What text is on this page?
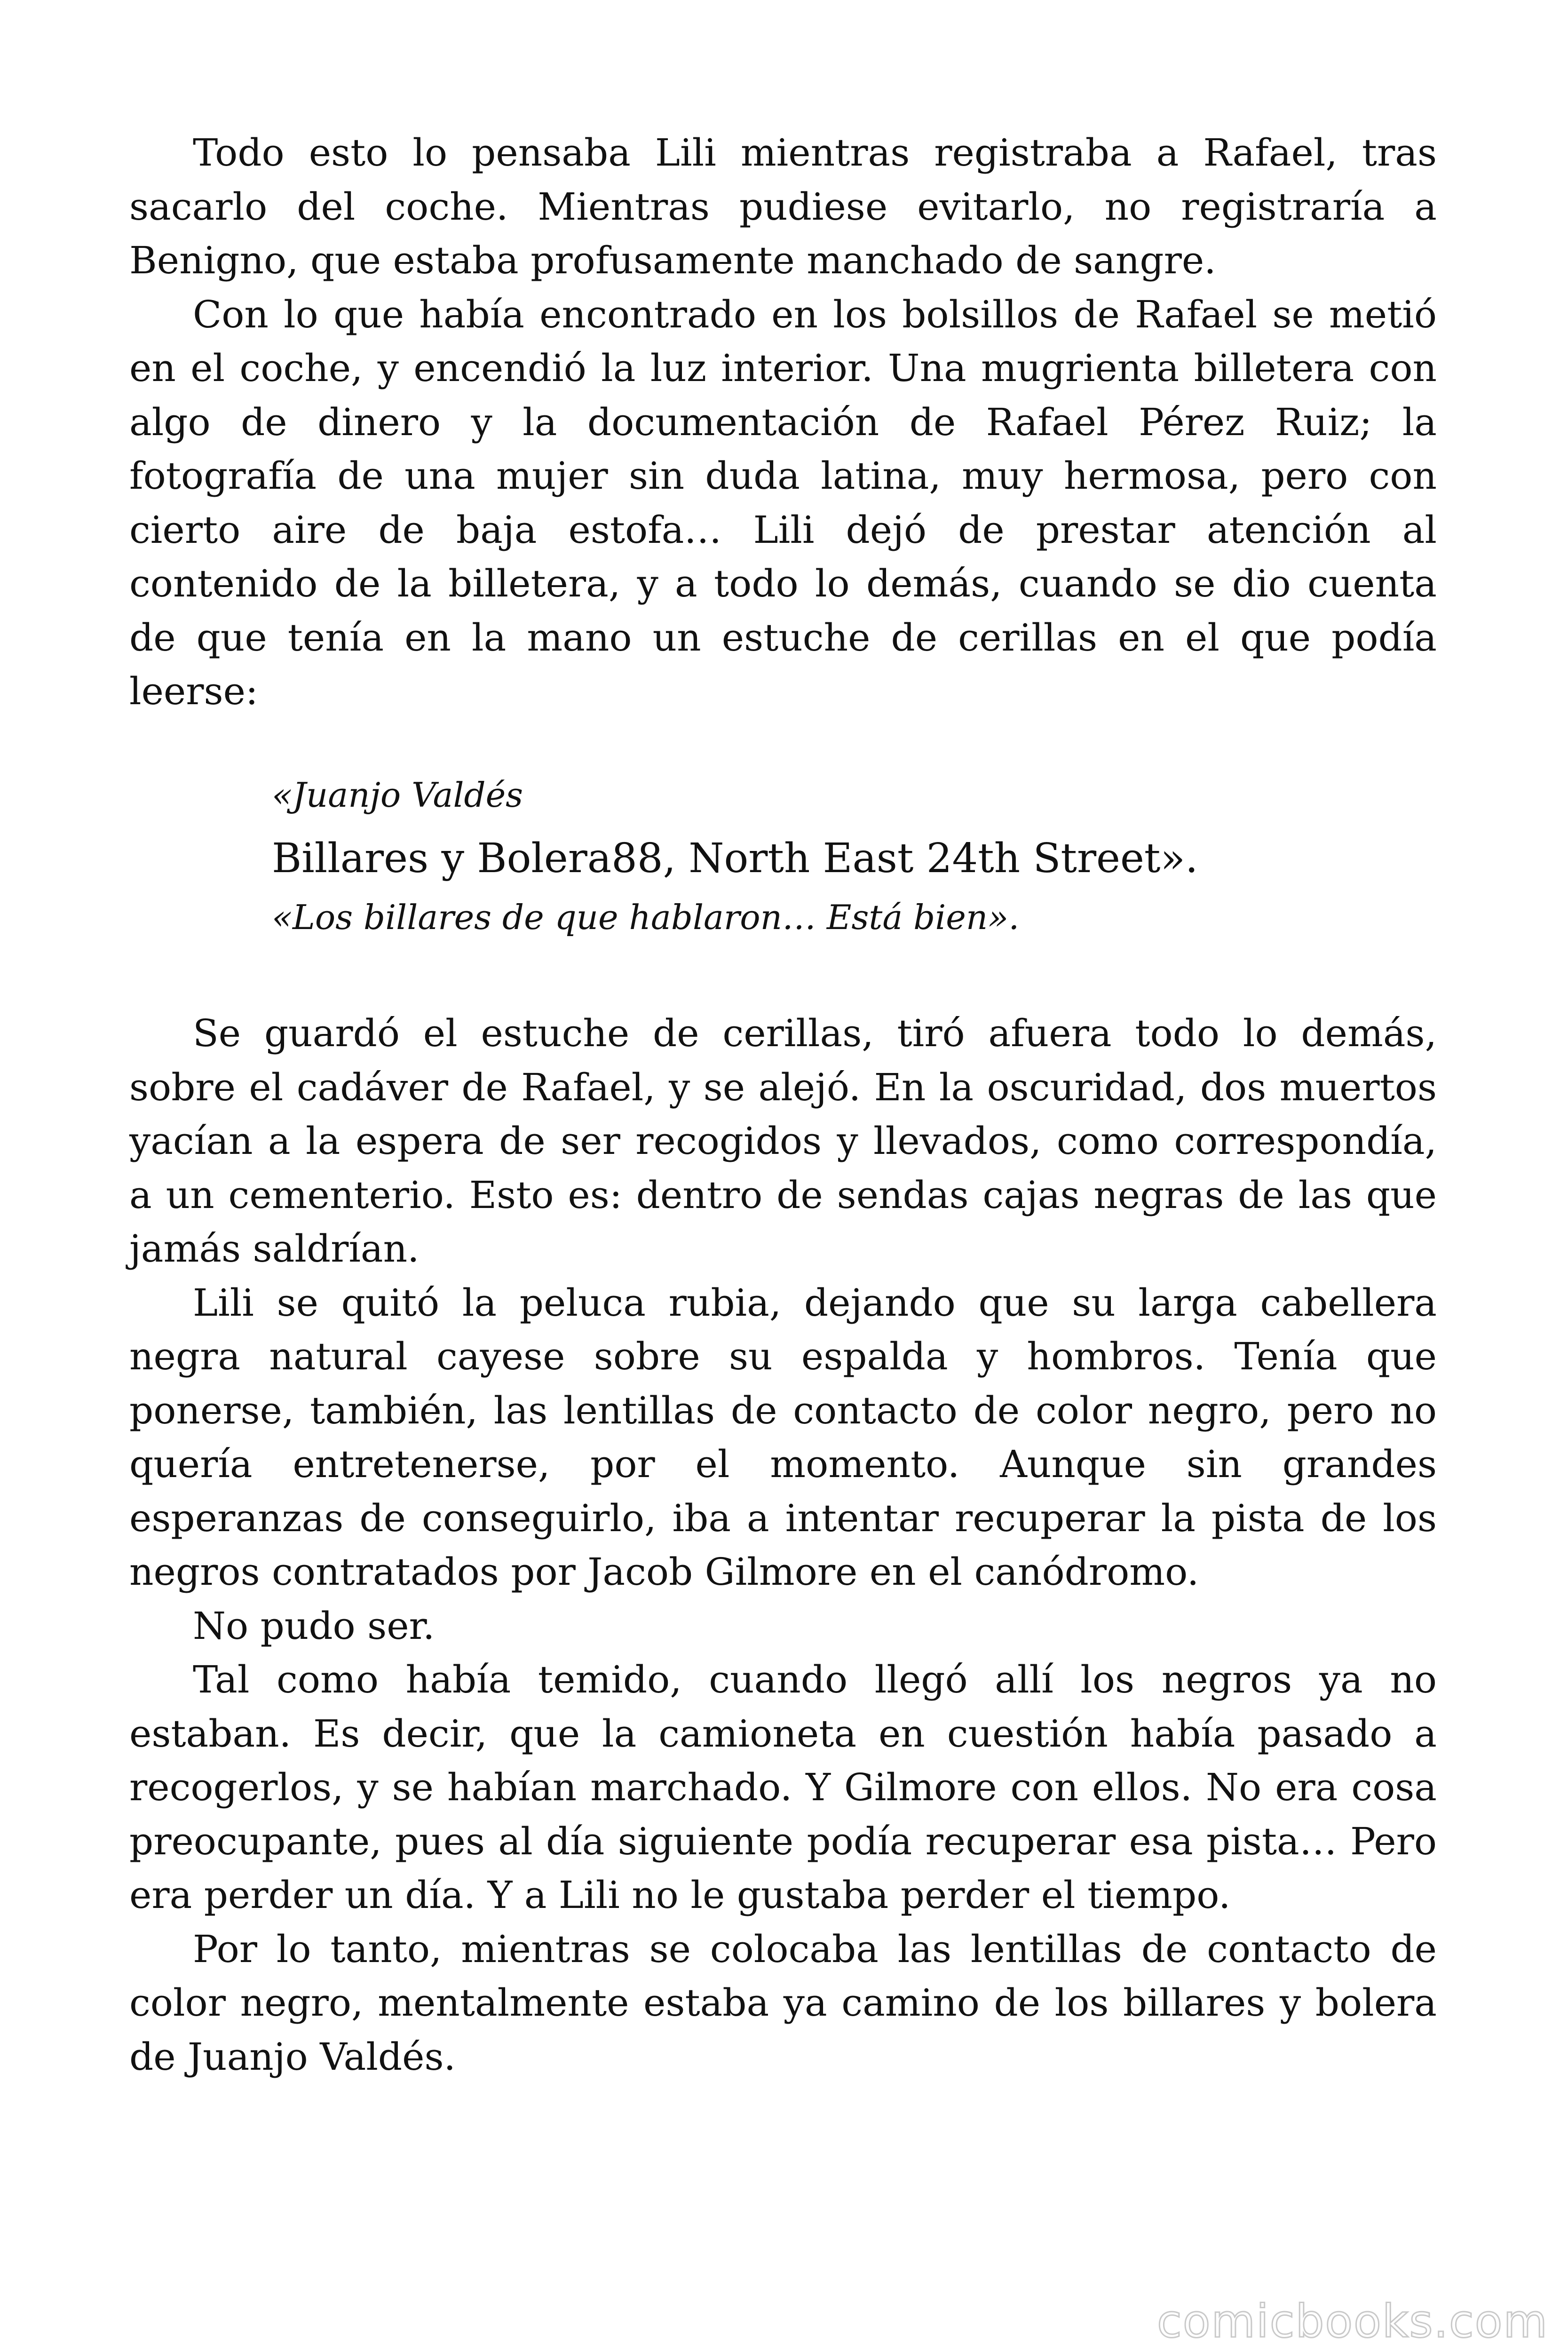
Todo esto lo pensaba Lili mientras registraba a Rafael, tras sacarlo del coche. Mientras pudiese evitarlo, no registraría a Benigno, que estaba profusamente manchado de sangre.

Con lo que había encontrado en los bolsillos de Rafael se metió en el coche, y encendió la luz interior. Una mugrienta billetera con algo de dinero y la documentación de Rafael Pérez Ruiz; la fotografía de una mujer sin duda latina, muy hermosa, pero con cierto aire de baja estofa… Lili dejó de prestar atención al contenido de la billetera, y a todo lo demás, cuando se dio cuenta de que tenía en la mano un estuche de cerillas en el que podía leerse:

«Juanjo Valdés

Billares y Bolera88, North East 24th Street».

«Los billares de que hablaron… Está bien».

Se guardó el estuche de cerillas, tiró afuera todo lo demás, sobre el cadáver de Rafael, y se alejó. En la oscuridad, dos muertos yacían a la espera de ser recogidos y llevados, como correspondía, a un cementerio. Esto es: dentro de sendas cajas negras de las que jamás saldrían.

Lili se quitó la peluca rubia, dejando que su larga cabellera negra natural cayese sobre su espalda y hombros. Tenía que ponerse, también, las lentillas de contacto de color negro, pero no quería entretenerse, por el momento. Aunque sin grandes esperanzas de conseguirlo, iba a intentar recuperar la pista de los negros contratados por Jacob Gilmore en el canódromo.

No pudo ser.

Tal como había temido, cuando llegó allí los negros ya no estaban. Es decir, que la camioneta en cuestión había pasado a recogerlos, y se habían marchado. Y Gilmore con ellos. No era cosa preocupante, pues al día siguiente podía recuperar esa pista… Pero era perder un día. Y a Lili no le gustaba perder el tiempo.

Por lo tanto, mientras se colocaba las lentillas de contacto de color negro, mentalmente estaba ya camino de los billares y bolera de Juanjo Valdés.

comicbooks.com
